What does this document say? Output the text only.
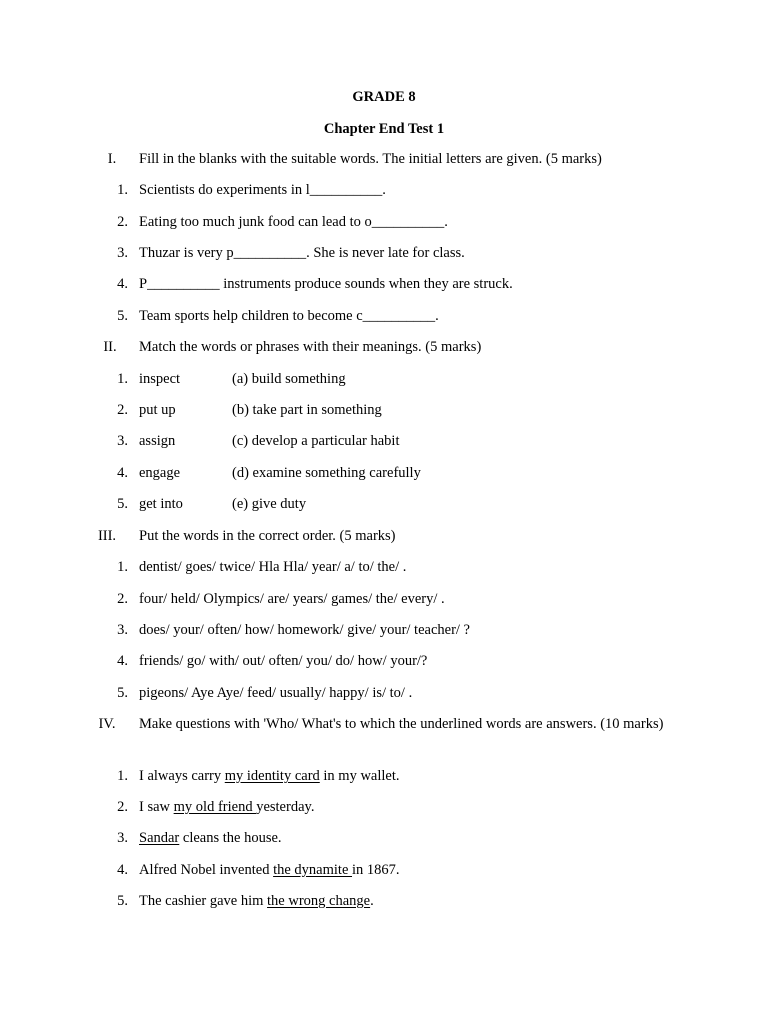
GRADE 8
Chapter End Test 1
I.	Fill in the blanks with the suitable words. The initial letters are given. (5 marks)
1. Scientists do experiments in l__________.
2. Eating too much junk food can lead to o__________.
3. Thuzar is very p__________. She is never late for class.
4. P__________ instruments produce sounds when they are struck.
5. Team sports help children to become c__________.
II.	Match the words or phrases with their meanings. (5 marks)
1. inspect	(a) build something
2. put up	(b) take part in something
3. assign	(c) develop a particular habit
4. engage	(d) examine something carefully
5. get into	(e) give duty
III.	Put the words in the correct order. (5 marks)
1. dentist/ goes/ twice/ Hla Hla/ year/ a/ to/ the/ .
2. four/ held/ Olympics/ are/ years/ games/ the/ every/ .
3. does/ your/ often/ how/ homework/ give/ your/ teacher/ ?
4. friends/ go/ with/ out/ often/ you/ do/ how/ your/?
5. pigeons/ Aye Aye/ feed/ usually/ happy/ is/ to/ .
IV.	Make questions with 'Who/ What's to which the underlined words are answers. (10 marks)
1. I always carry my identity card in my wallet.
2. I saw my old friend yesterday.
3. Sandar cleans the house.
4. Alfred Nobel invented the dynamite in 1867.
5. The cashier gave him the wrong change.
